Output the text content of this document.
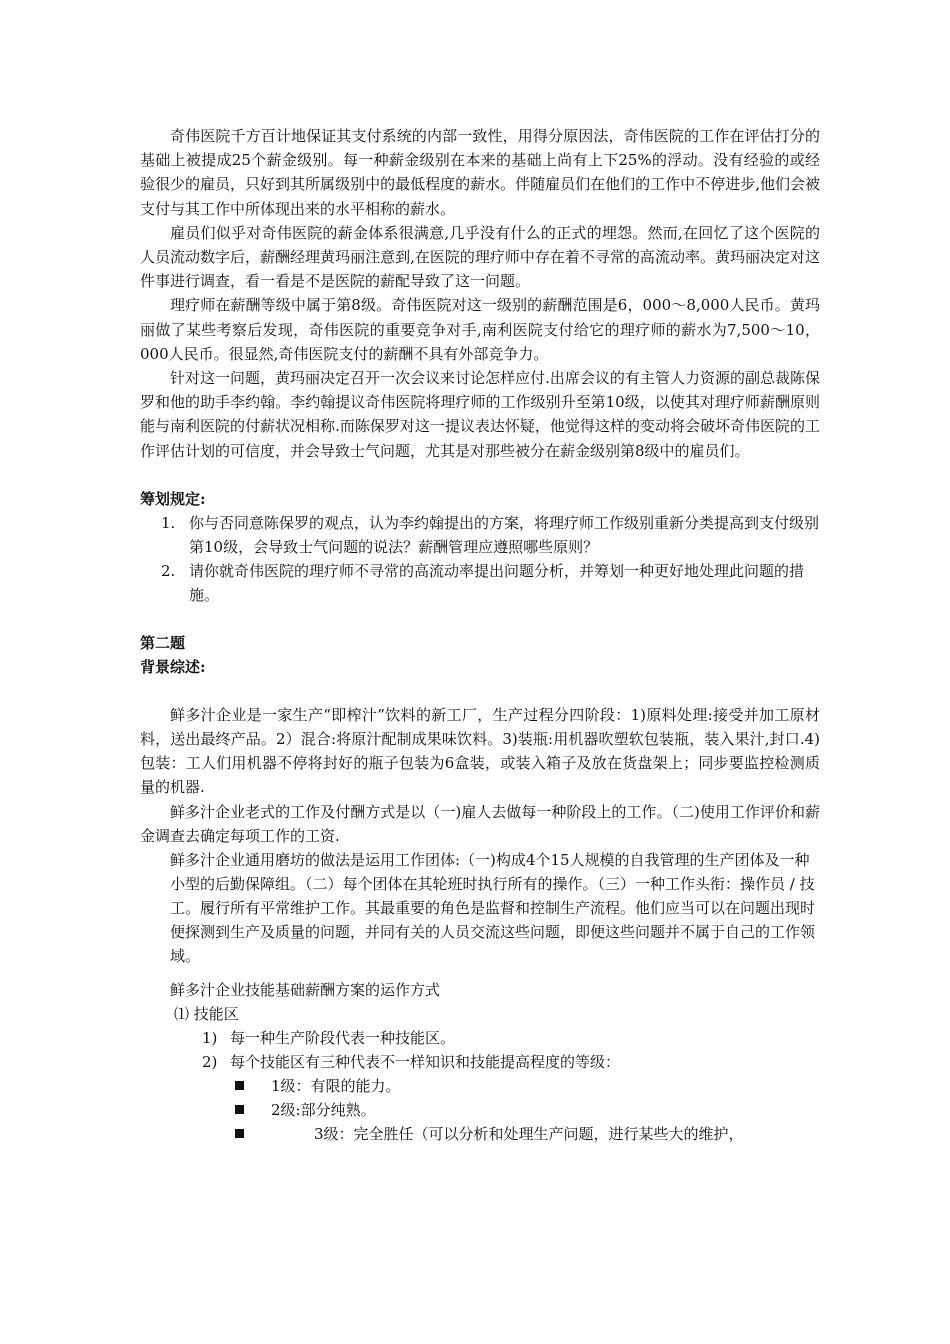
奇伟医院千方百计地保证其支付系统的内部一致性，用得分原因法，奇伟医院的工作在评估打分的基础上被提成25个薪金级别。每一种薪金级别在本来的基础上尚有上下25%的浮动。没有经验的或经验很少的雇员，只好到其所属级别中的最低程度的薪水。伴随雇员们在他们的工作中不停进步,他们会被支付与其工作中所体现出来的水平相称的薪水。

雇员们似乎对奇伟医院的薪金体系很满意,几乎没有什么的正式的埋怨。然而,在回忆了这个医院的人员流动数字后，薪酬经理黄玛丽注意到,在医院的理疗师中存在着不寻常的高流动率。黄玛丽决定对这件事进行调查，看一看是不是医院的薪配导致了这一问题。

理疗师在薪酬等级中属于第8级。奇伟医院对这一级别的薪酬范围是6，000～8,000人民币。黄玛丽做了某些考察后发现，奇伟医院的重要竞争对手,南利医院支付给它的理疗师的薪水为7,500～10，000人民币。很显然,奇伟医院支付的薪酬不具有外部竞争力。

针对这一问题，黄玛丽决定召开一次会议来讨论怎样应付.出席会议的有主管人力资源的副总裁陈保罗和他的助手李约翰。李约翰提议奇伟医院将理疗师的工作级别升至第10级，以使其对理疗师薪酬原则能与南利医院的付薪状况相称.而陈保罗对这一提议表达怀疑，他觉得这样的变动将会破坏奇伟医院的工作评估计划的可信度，并会导致士气问题，尤其是对那些被分在薪金级别第8级中的雇员们。

筹划规定:

1. 你与否同意陈保罗的观点，认为李约翰提出的方案，将理疗师工作级别重新分类提高到支付级别第10级，会导致士气问题的说法？薪酬管理应遵照哪些原则？
2. 请你就奇伟医院的理疗师不寻常的高流动率提出问题分析，并筹划一种更好地处理此问题的措施。

第二题

背景综述:

鲜多汁企业是一家生产“即榨汁”饮料的新工厂，生产过程分四阶段：1)原料处理:接受并加工原材料，送出最终产品。2）混合:将原汁配制成果味饮料。3)装瓶:用机器吹塑软包装瓶，装入果汁,封口.4)包装：工人们用机器不停将封好的瓶子包装为6盒装，或装入箱子及放在货盘架上；同步要监控检测质量的机器.

鲜多汁企业老式的工作及付酬方式是以（一)雇人去做每一种阶段上的工作。（二)使用工作评价和薪金调查去确定每项工作的工资.

鲜多汁企业通用磨坊的做法是运用工作团体:（一)构成4个15人规模的自我管理的生产团体及一种小型的后勤保障组。（二）每个团体在其轮班时执行所有的操作。（三）一种工作头衔：操作员 / 技工。履行所有平常维护工作。其最重要的角色是监督和控制生产流程。他们应当可以在问题出现时便探测到生产及质量的问题，并同有关的人员交流这些问题，即便这些问题并不属于自己的工作领域。
鲜多汁企业技能基础薪酬方案的运作方式
⑴ 技能区
1) 每一种生产阶段代表一种技能区。
2) 每个技能区有三种代表不一样知识和技能提高程度的等级：
1级：有限的能力。
2级:部分纯熟。
3级：完全胜任（可以分析和处理生产问题，进行某些大的维护，
